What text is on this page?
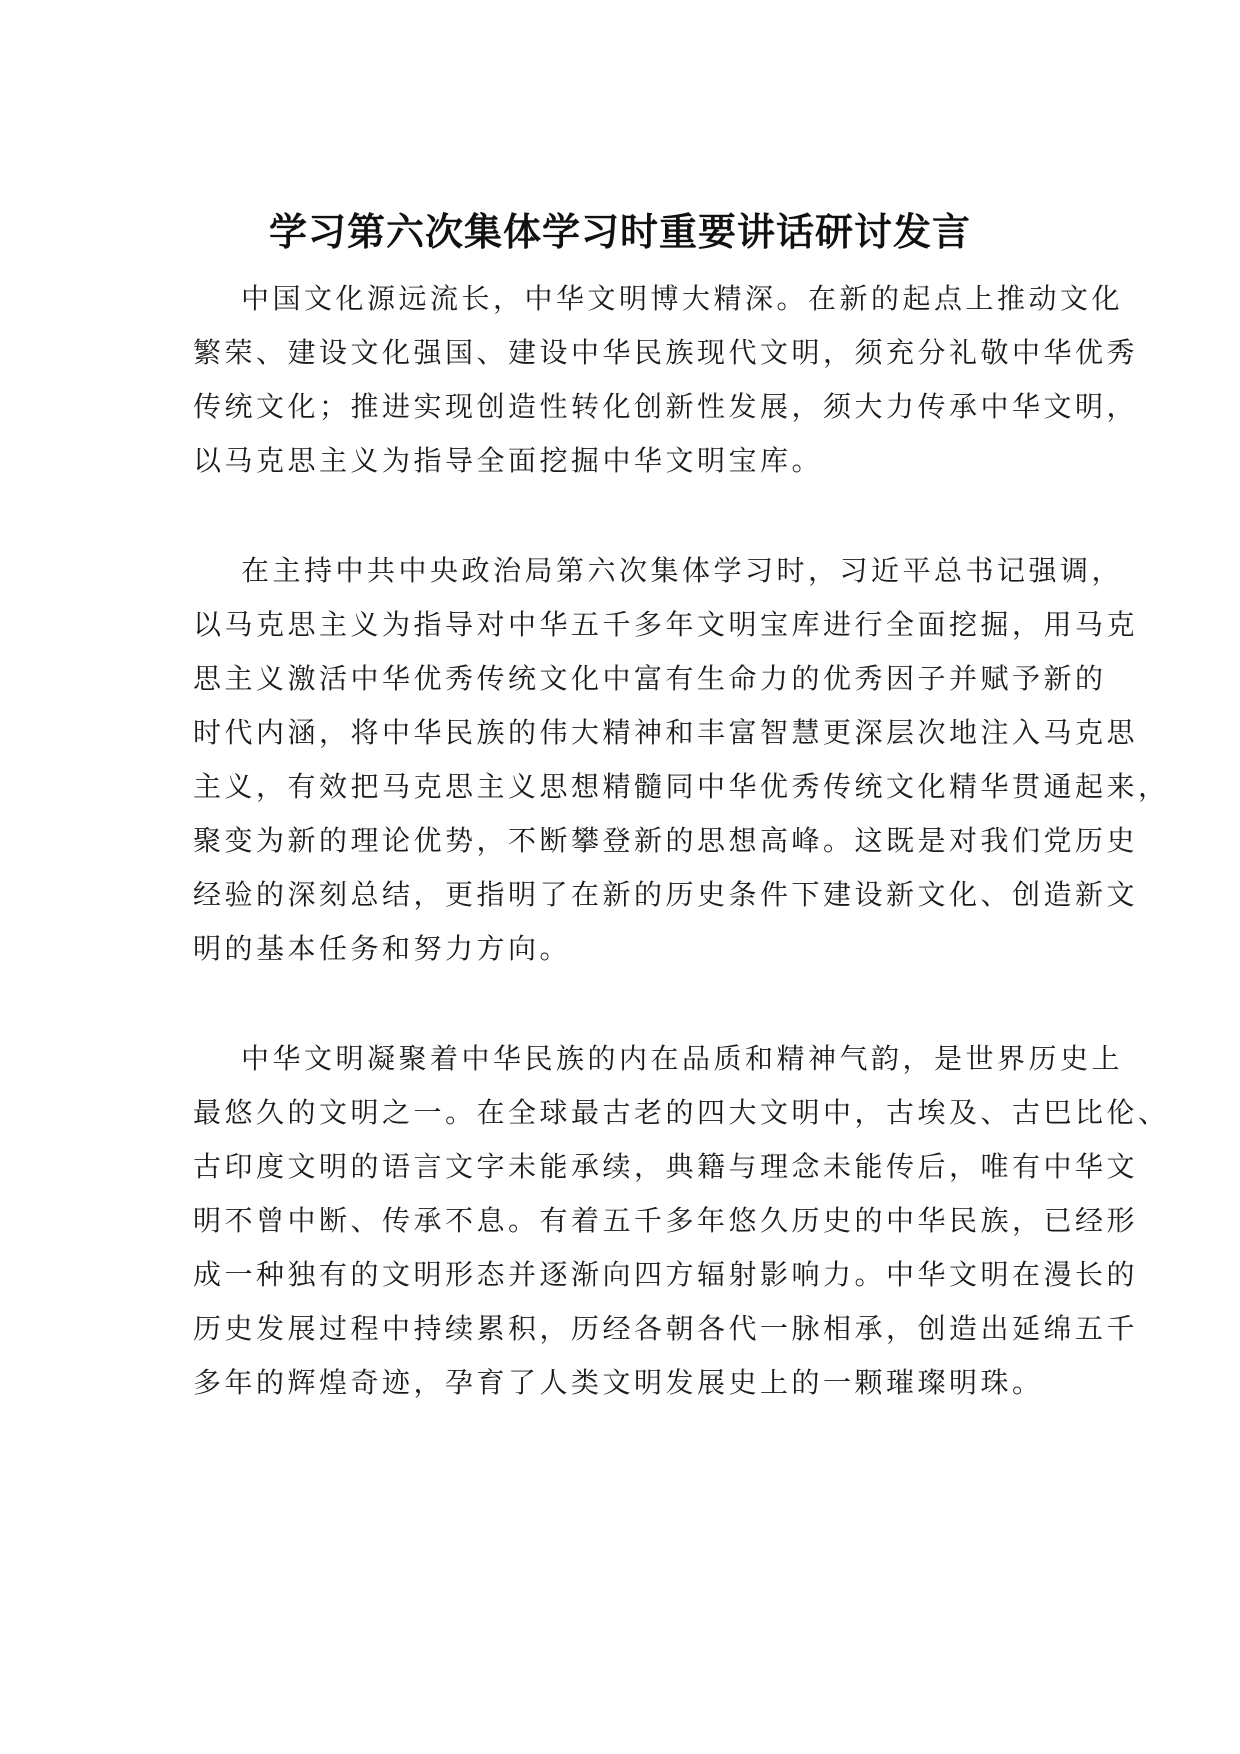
学习第六次集体学习时重要讲话研讨发言

中国文化源远流长，中华文明博大精深。在新的起点上推动文化
繁荣、建设文化强国、建设中华民族现代文明，须充分礼敬中华优秀
传统文化；推进实现创造性转化创新性发展，须大力传承中华文明，
以马克思主义为指导全面挖掘中华文明宝库。

在主持中共中央政治局第六次集体学习时，习近平总书记强调，
以马克思主义为指导对中华五千多年文明宝库进行全面挖掘，用马克
思主义激活中华优秀传统文化中富有生命力的优秀因子并赋予新的
时代内涵，将中华民族的伟大精神和丰富智慧更深层次地注入马克思
主义，有效把马克思主义思想精髓同中华优秀传统文化精华贯通起来，
聚变为新的理论优势，不断攀登新的思想高峰。这既是对我们党历史
经验的深刻总结，更指明了在新的历史条件下建设新文化、创造新文
明的基本任务和努力方向。

中华文明凝聚着中华民族的内在品质和精神气韵，是世界历史上
最悠久的文明之一。在全球最古老的四大文明中，古埃及、古巴比伦、
古印度文明的语言文字未能承续，典籍与理念未能传后，唯有中华文
明不曾中断、传承不息。有着五千多年悠久历史的中华民族，已经形
成一种独有的文明形态并逐渐向四方辐射影响力。中华文明在漫长的
历史发展过程中持续累积，历经各朝各代一脉相承，创造出延绵五千
多年的辉煌奇迹，孕育了人类文明发展史上的一颗璀璨明珠。
